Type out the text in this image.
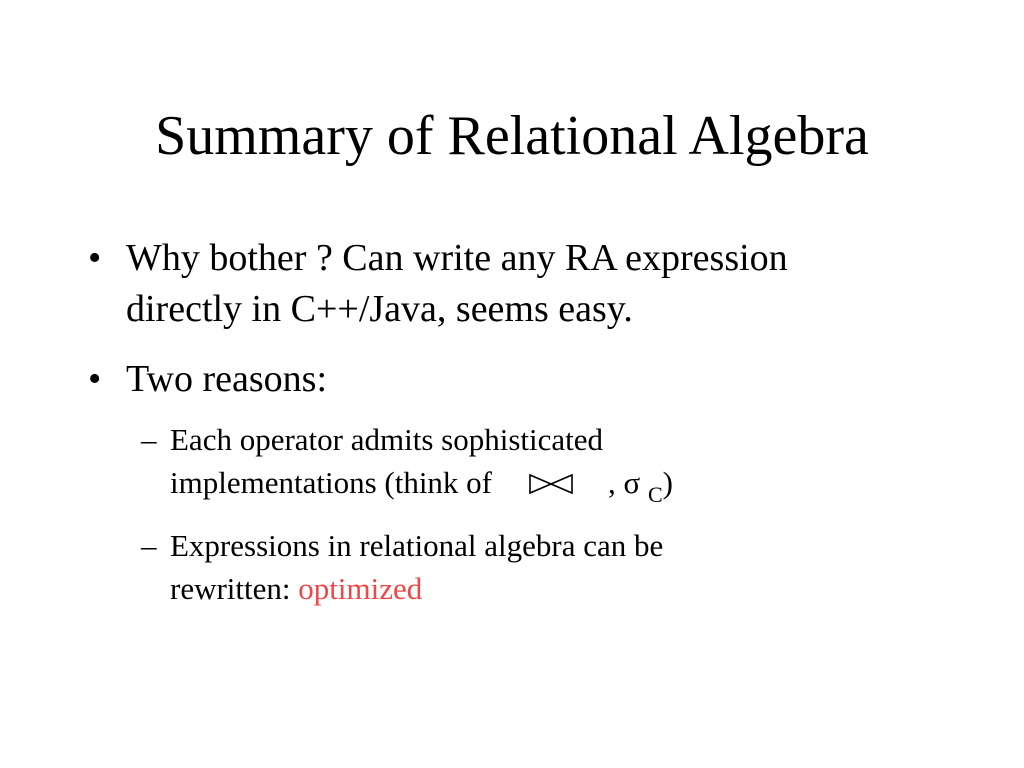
Summary of Relational Algebra
• Why bother ? Can write any RA expression
directly in C++/Java, seems easy.
• Two reasons:
– Each operator admits sophisticated
implementations (think of	, σ $_C$)
– Expressions in relational algebra can be
rewritten: optimized
